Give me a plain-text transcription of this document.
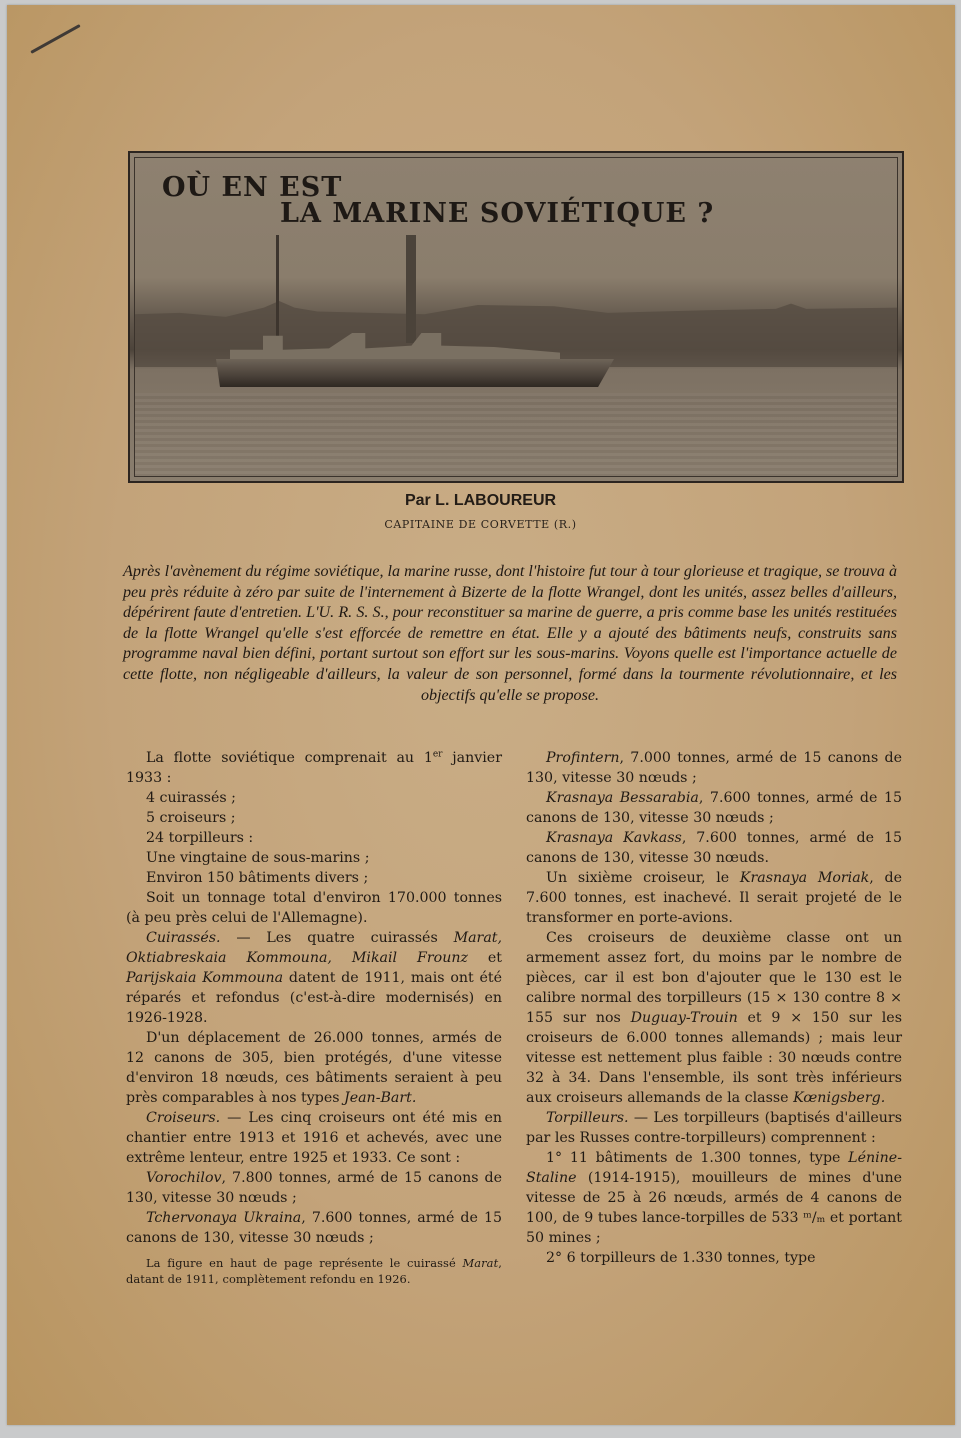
OÙ EN EST
LA MARINE SOVIÉTIQUE ?
Par L. LABOUREUR
CAPITAINE DE CORVETTE (R.)
Après l'avènement du régime soviétique, la marine russe, dont l'histoire fut tour à tour glorieuse et tragique, se trouva à peu près réduite à zéro par suite de l'internement à Bizerte de la flotte Wrangel, dont les unités, assez belles d'ailleurs, dépérirent faute d'entretien. L'U. R. S. S., pour reconstituer sa marine de guerre, a pris comme base les unités restituées de la flotte Wrangel qu'elle s'est efforcée de remettre en état. Elle y a ajouté des bâtiments neufs, construits sans programme naval bien défini, portant surtout son effort sur les sous-marins. Voyons quelle est l'importance actuelle de cette flotte, non négligeable d'ailleurs, la valeur de son personnel, formé dans la tourmente révolutionnaire, et les objectifs qu'elle se propose.

La flotte soviétique comprenait au 1er janvier 1933 :

4 cuirassés ;

5 croiseurs ;

24 torpilleurs :

Une vingtaine de sous-marins ;

Environ 150 bâtiments divers ;

Soit un tonnage total d'environ 170.000 tonnes (à peu près celui de l'Allemagne).

Cuirassés. — Les quatre cuirassés Marat, Oktiabreskaia Kommouna, Mikail Frounz et Parijskaia Kommouna datent de 1911, mais ont été réparés et refondus (c'est-à-dire modernisés) en 1926-1928.

D'un déplacement de 26.000 tonnes, armés de 12 canons de 305, bien protégés, d'une vitesse d'environ 18 nœuds, ces bâtiments seraient à peu près comparables à nos types Jean-Bart.

Croiseurs. — Les cinq croiseurs ont été mis en chantier entre 1913 et 1916 et achevés, avec une extrême lenteur, entre 1925 et 1933. Ce sont :

Vorochilov, 7.800 tonnes, armé de 15 canons de 130, vitesse 30 nœuds ;

Tchervonaya Ukraina, 7.600 tonnes, armé de 15 canons de 130, vitesse 30 nœuds ;

La figure en haut de page représente le cuirassé Marat, datant de 1911, complètement refondu en 1926.

Profintern, 7.000 tonnes, armé de 15 canons de 130, vitesse 30 nœuds ;

Krasnaya Bessarabia, 7.600 tonnes, armé de 15 canons de 130, vitesse 30 nœuds ;

Krasnaya Kavkass, 7.600 tonnes, armé de 15 canons de 130, vitesse 30 nœuds.

Un sixième croiseur, le Krasnaya Moriak, de 7.600 tonnes, est inachevé. Il serait projeté de le transformer en porte-avions.

Ces croiseurs de deuxième classe ont un armement assez fort, du moins par le nombre de pièces, car il est bon d'ajouter que le 130 est le calibre normal des torpilleurs (15 × 130 contre 8 × 155 sur nos Duguay-Trouin et 9 × 150 sur les croiseurs de 6.000 tonnes allemands) ; mais leur vitesse est nettement plus faible : 30 nœuds contre 32 à 34. Dans l'ensemble, ils sont très inférieurs aux croiseurs allemands de la classe Kœnigsberg.

Torpilleurs. — Les torpilleurs (baptisés d'ailleurs par les Russes contre-torpilleurs) comprennent :

1° 11 bâtiments de 1.300 tonnes, type Lénine-Staline (1914-1915), mouilleurs de mines d'une vitesse de 25 à 26 nœuds, armés de 4 canons de 100, de 9 tubes lance-torpilles de 533 ᵐ/ₘ et portant 50 mines ;

2° 6 torpilleurs de 1.330 tonnes, type
